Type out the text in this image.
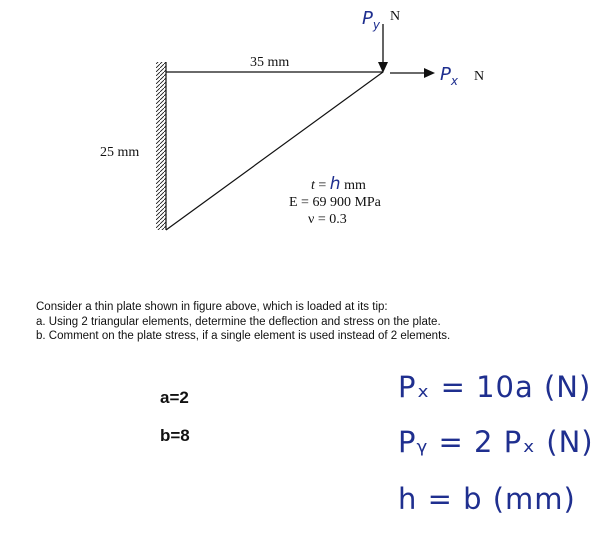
35 mm
25 mm
$P_y$
N
$P_x$ N
t = h mm
E = 69 900 MPa
ν = 0.3
Consider a thin plate shown in figure above, which is loaded at its tip:
a. Using 2 triangular elements, determine the deflection and stress on the plate.
b. Comment on the plate stress, if a single element is used instead of 2 elements.
a=2
b=8
Pₓ = 10a (N)
Pᵧ = 2 Pₓ (N)
h = b (mm)
